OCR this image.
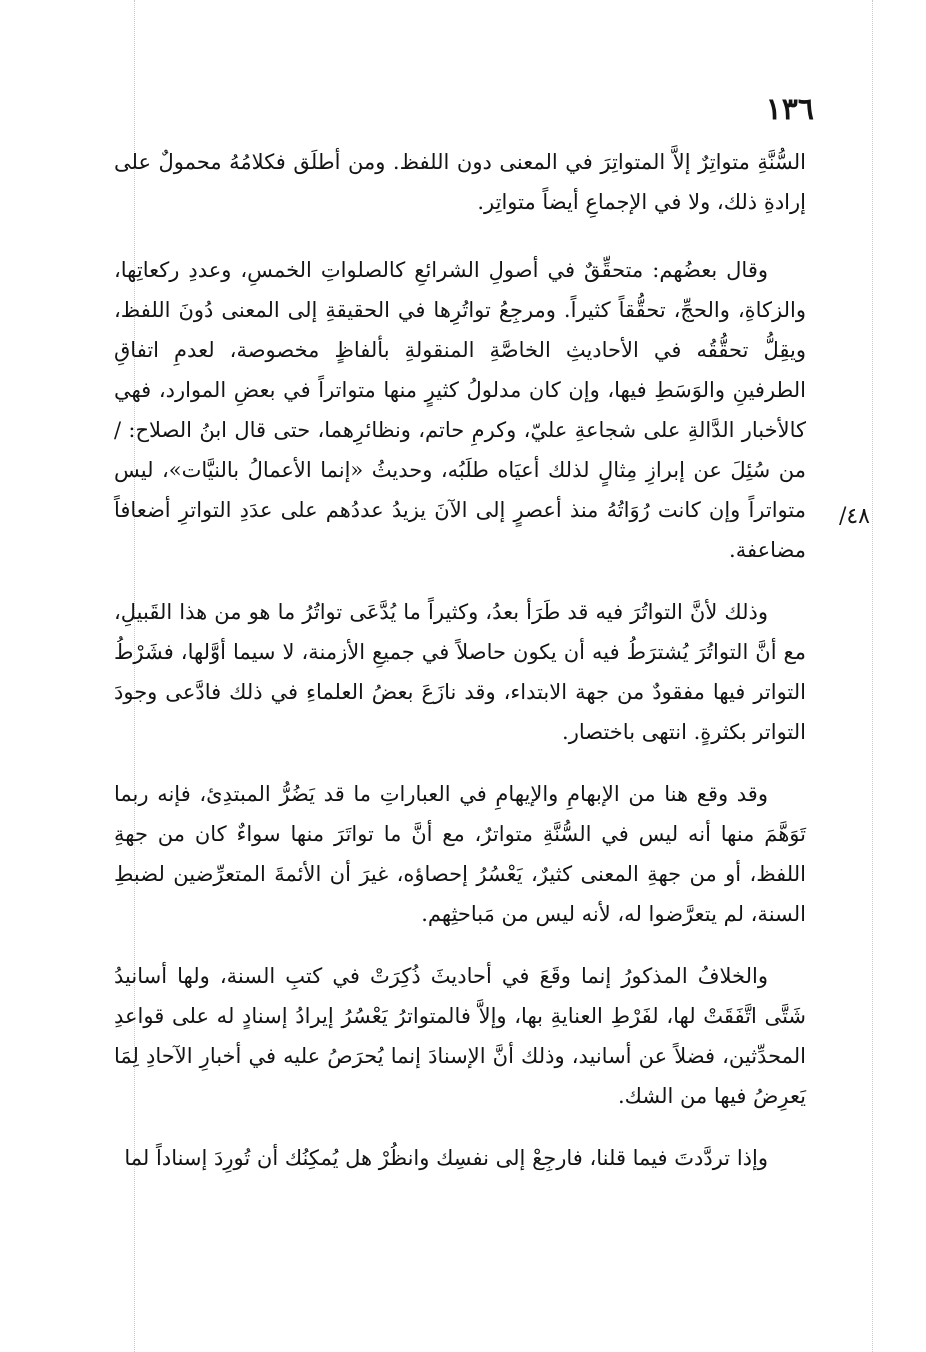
١٣٦
/٤٨

السُّنَّةِ متواتِرٌ إلاَّ المتواتِرَ في المعنى دون اللفظ. ومن أطلَق فكلامُهُ محمولٌ على إرادةِ ذلك، ولا في الإجماعِ أيضاً متواتِر.

وقال بعضُهم: متحقِّقٌ في أصولِ الشرائعِ كالصلواتِ الخمسِ، وعددِ ركعاتِها، والزكاةِ، والحجِّ، تحقُّقاً كثيراً. ومرجِعُ تواتُرِها في الحقيقةِ إلى المعنى دُونَ اللفظ، ويقِلُّ تحقُّقُه في الأحاديثِ الخاصَّةِ المنقولةِ بألفاظٍ مخصوصة، لعدمِ اتفاقِ الطرفينِ والوَسَطِ فيها، وإن كان مدلولُ كثيرٍ منها متواتراً في بعضِ الموارد، فهي كالأخبار الدَّالةِ على شجاعةِ عليّ، وكرمِ حاتم، ونظائرِهما، حتى قال ابنُ الصلاح: / من سُئِلَ عن إبرازِ مِثالٍ لذلك أعيَاه طلَبُه، وحديثُ «إنما الأعمالُ بالنيَّات»، ليس متواتراً وإن كانت رُوَاتُهُ منذ أعصرٍ إلى الآنَ يزيدُ عددُهم على عدَدِ التواترِ أضعافاً مضاعفة.

وذلك لأنَّ التواتُرَ فيه قد طَرَأ بعدُ، وكثيراً ما يُدَّعَى تواتُرُ ما هو من هذا القَبيلِ، مع أنَّ التواتُرَ يُشترَطُ فيه أن يكون حاصلاً في جميعِ الأزمنة، لا سيما أوَّلها، فشَرْطُ التواتر فيها مفقودٌ من جهة الابتداء، وقد نازَعَ بعضُ العلماءِ في ذلك فادَّعى وجودَ التواتر بكثرةٍ. انتهى باختصار.

وقد وقع هنا من الإبهامِ والإيهامِ في العباراتِ ما قد يَضُرُّ المبتدِئ، فإنه ربما تَوَهَّمَ منها أنه ليس في السُّنَّةِ متواترٌ، مع أنَّ ما تواتَرَ منها سواءٌ كان من جهةِ اللفظ، أو من جهةِ المعنى كثيرٌ، يَعْسُرُ إحصاؤه، غيرَ أن الأئمةَ المتعرِّضين لضبطِ السنة، لم يتعرَّضوا له، لأنه ليس من مَباحثِهم.

والخلافُ المذكورُ إنما وقَعَ في أحاديثَ ذُكِرَتْ في كتبِ السنة، ولها أسانيدُ شَتَّى اتَّفَقَتْ لها، لفَرْطِ العنايةِ بها، وإلاَّ فالمتواترُ يَعْسُرُ إيرادُ إسنادٍ له على قواعدِ المحدِّثين، فضلاً عن أسانيد، وذلك أنَّ الإسنادَ إنما يُحرَصُ عليه في أخبارِ الآحادِ لِمَا يَعرِضُ فيها من الشك.

وإذا تردَّدتَ فيما قلنا، فارجِعْ إلى نفسِك وانظُرْ هل يُمكِنُك أن تُورِدَ إسناداً لما
